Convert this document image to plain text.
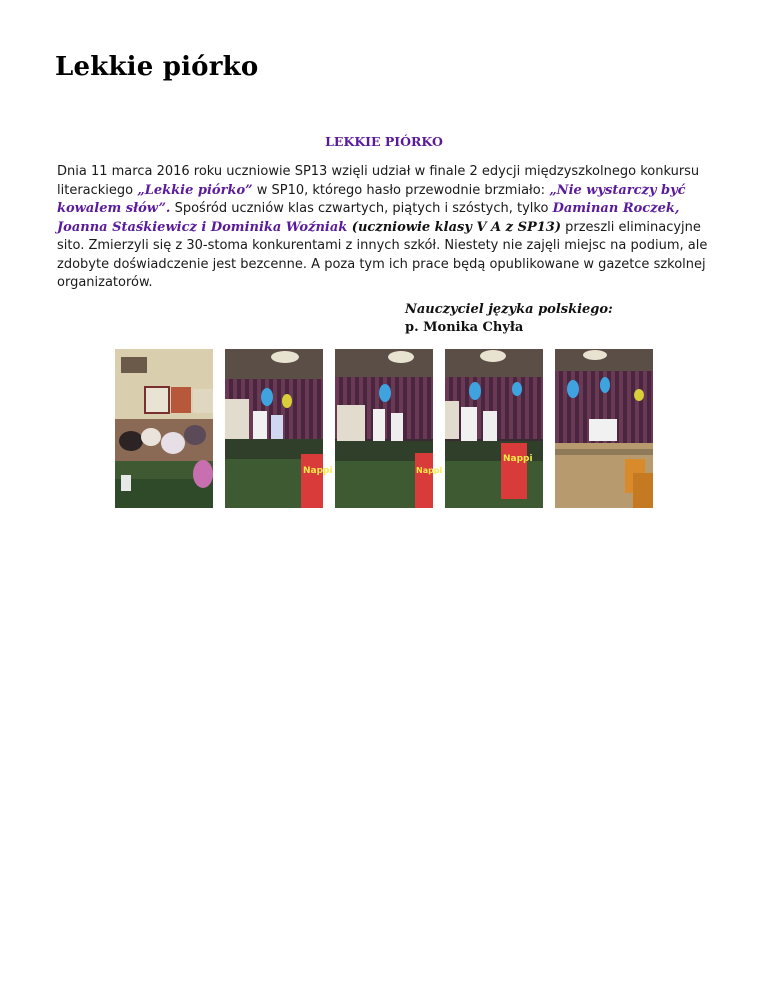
Lekkie piórko
LEKKIE PIÓRKO

Dnia 11 marca 2016 roku uczniowie SP13 wzięli udział w finale 2 edycji międzyszkolnego konkursu literackiego „Lekkie piórko” w SP10, którego hasło przewodnie brzmiało: „Nie wystarczy być kowalem słów”. Spośród uczniów klas czwartych, piątych i szóstych, tylko Daminan Roczek, Joanna Staśkiewicz i Dominika Woźniak (uczniowie klasy V A z SP13) przeszli eliminacyjne sito. Zmierzyli się z 30-stoma konkurentami z innych szkół. Niestety nie zajęli miejsc na podium, ale zdobyte doświadczenie jest bezcenne. A poza tym ich prace będą opublikowane w gazetce szkolnej organizatorów.

Nauczyciel języka polskiego:
p. Monika Chyła
Nappi	Nappi
Nappi
